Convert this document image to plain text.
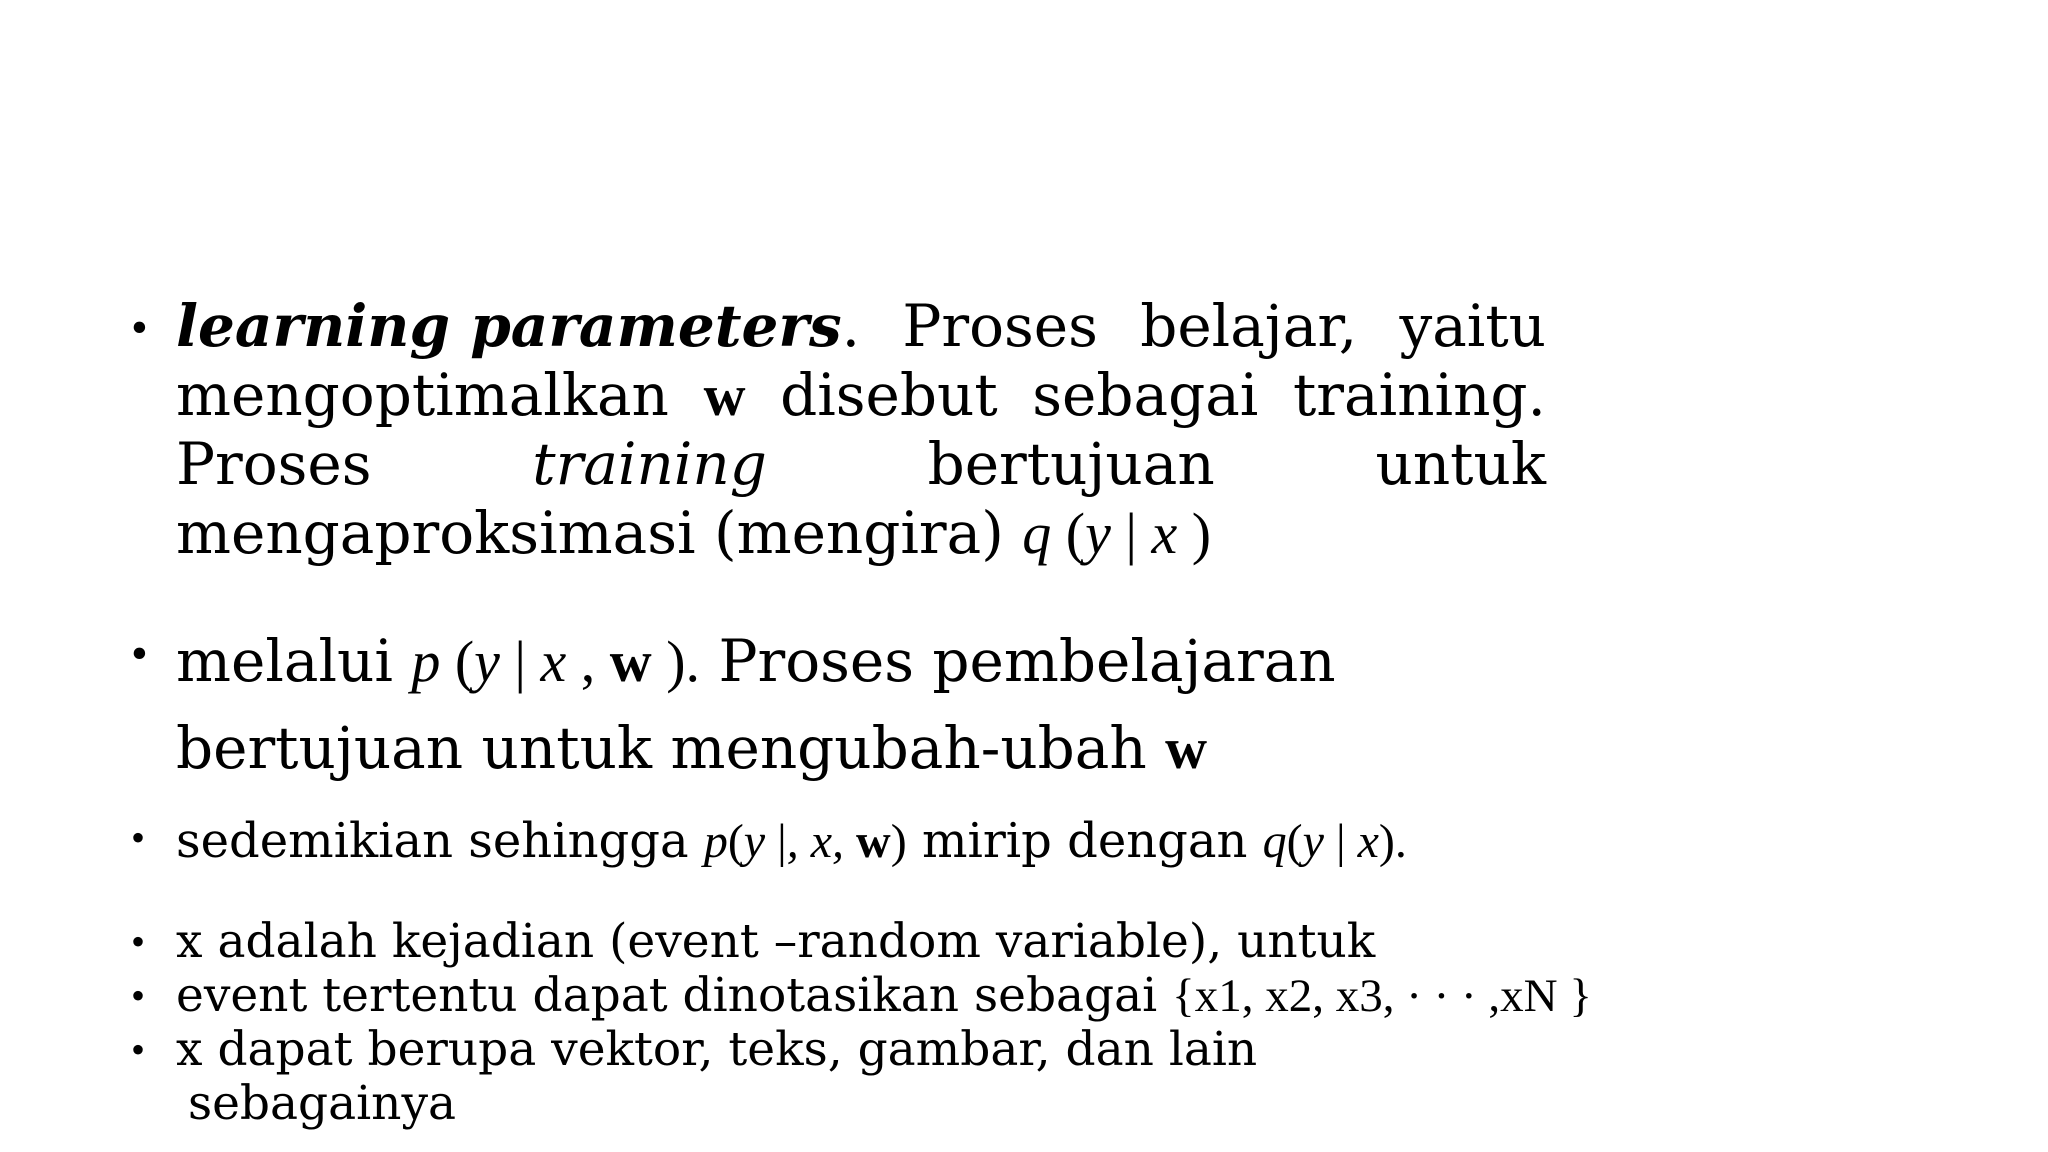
• learning parameters. Proses belajar, yaitu
mengoptimalkan w disebut sebagai training.
Proses	training	bertujuan	untuk
mengaproksimasi (mengira) q (y | x )
• melalui p (y | x , w ). Proses pembelajaran
bertujuan untuk mengubah-ubah w
• sedemikian sehingga p(y |, x, w) mirip dengan q(y | x).
• x adalah kejadian (event –random variable), untuk
• event tertentu dapat dinotasikan sebagai {x1, x2, x3, · · · ,xN }
• x dapat berupa vektor, teks, gambar, dan lain
sebagainya
